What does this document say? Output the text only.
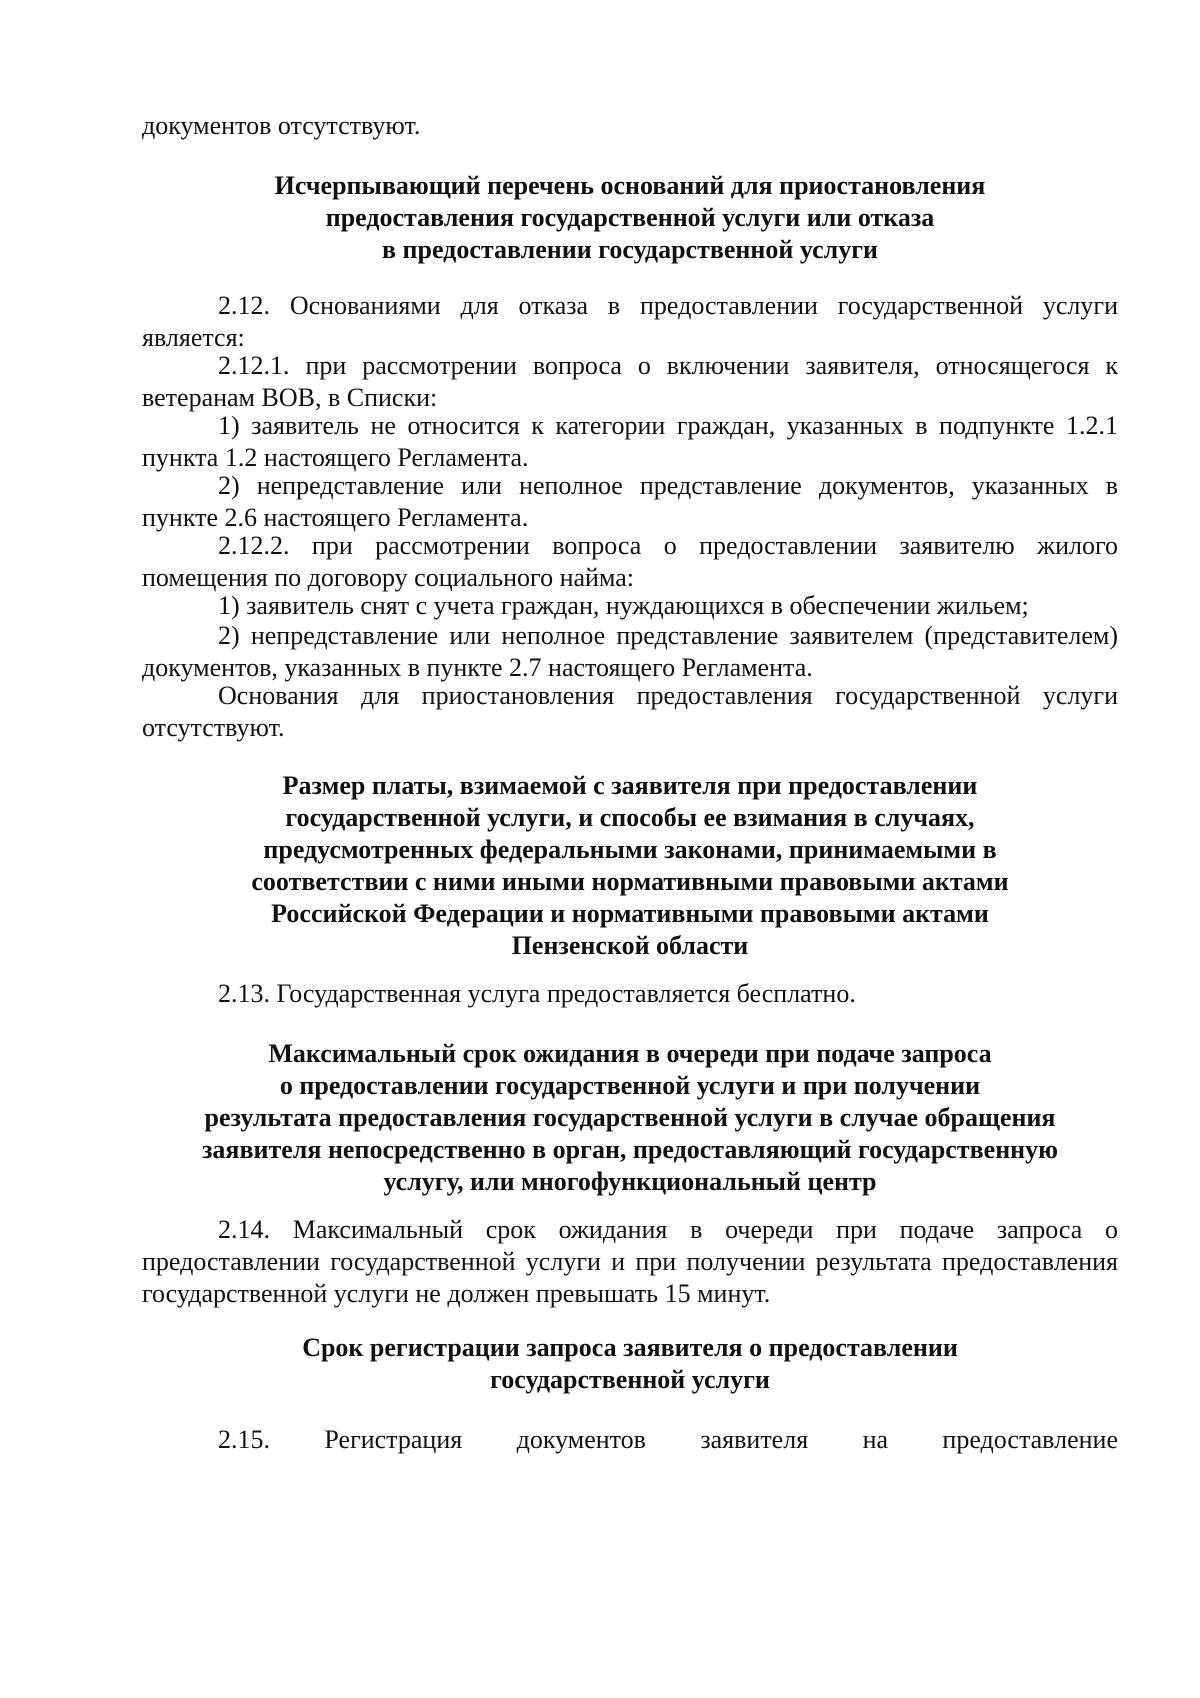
документов отсутствуют.

Исчерпывающий перечень оснований для приостановления
предоставления государственной услуги или отказа
в предоставлении государственной услуги

2.12. Основаниями для отказа в предоставлении государственной услуги является:

2.12.1. при рассмотрении вопроса о включении заявителя, относящегося к ветеранам ВОВ, в Списки:

1) заявитель не относится к категории граждан, указанных в подпункте 1.2.1 пункта 1.2 настоящего Регламента.

2) непредставление или неполное представление документов, указанных в пункте 2.6 настоящего Регламента.

2.12.2. при рассмотрении вопроса о предоставлении заявителю жилого помещения по договору социального найма:

1) заявитель снят с учета граждан, нуждающихся в обеспечении жильем;

2) непредставление или неполное представление заявителем (представителем) документов, указанных в пункте 2.7 настоящего Регламента.

Основания для приостановления предоставления государственной услуги отсутствуют.

Размер платы, взимаемой с заявителя при предоставлении
государственной услуги, и способы ее взимания в случаях,
предусмотренных федеральными законами, принимаемыми в
соответствии с ними иными нормативными правовыми актами
Российской Федерации и нормативными правовыми актами
Пензенской области

2.13. Государственная услуга предоставляется бесплатно.

Максимальный срок ожидания в очереди при подаче запроса
о предоставлении государственной услуги и при получении
результата предоставления государственной услуги в случае обращения
заявителя непосредственно в орган, предоставляющий государственную
услугу, или многофункциональный центр

2.14. Максимальный срок ожидания в очереди при подаче запроса о предоставлении государственной услуги и при получении результата предоставления государственной услуги не должен превышать 15 минут.

Срок регистрации запроса заявителя о предоставлении
государственной услуги

2.15. Регистрация документов заявителя на предоставление
